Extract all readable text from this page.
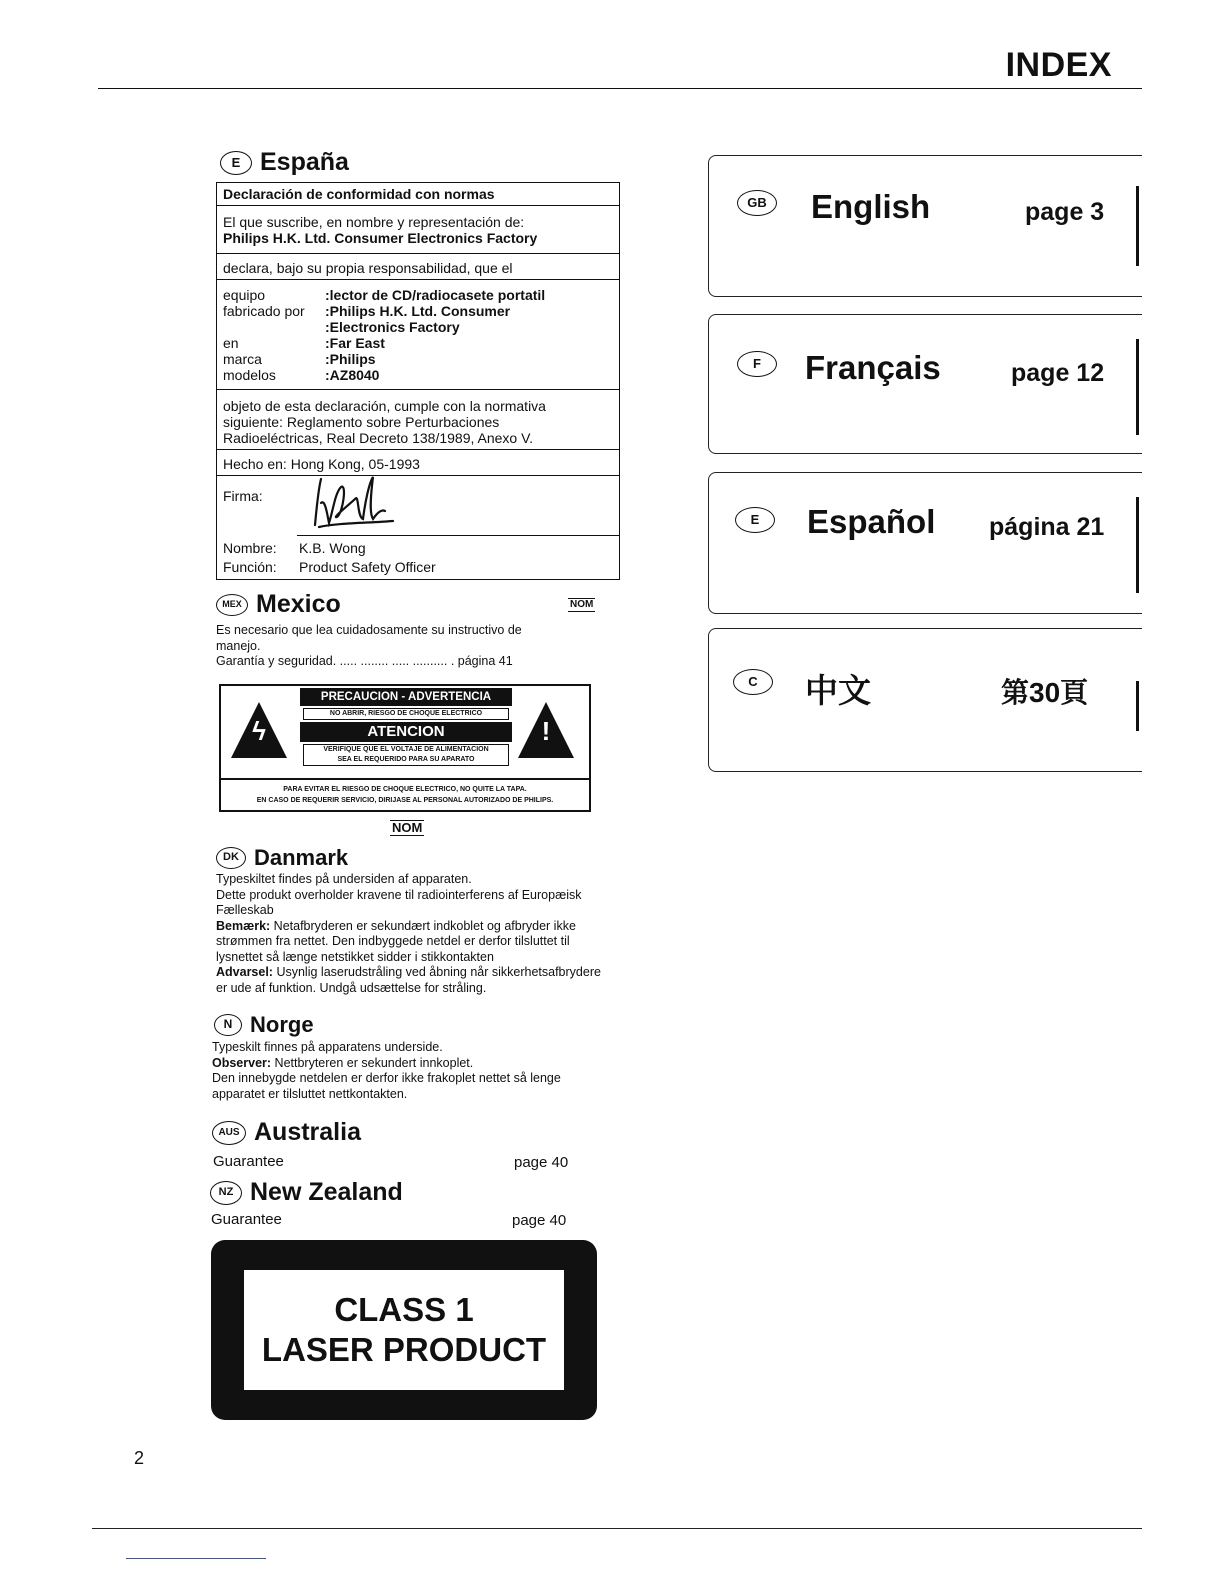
INDEX
E España
Declaración de conformidad con normas
El que suscribe, en nombre y representación de:
Philips H.K. Ltd. Consumer Electronics Factory
declara, bajo su propia responsabilidad, que el
equipo	:lector de CD/radiocasete portatil
fabricado por	:Philips H.K. Ltd. Consumer
:Electronics Factory
en	:Far East
marca	:Philips
modelos	:AZ8040
objeto de esta declaración, cumple con la normativa
siguiente: Reglamento sobre Perturbaciones
Radioeléctricas, Real Decreto 138/1989, Anexo V.
Hecho en: Hong Kong, 05-1993
Firma:
Nombre:	K.B. Wong
Función:	Product Safety Officer
MEX Mexico	NOM
Es necesario que lea cuidadosamente su instructivo de
manejo.
Garantía y seguridad. ..... ........ ..... .......... . página 41
ϟ
PRECAUCION - ADVERTENCIA
NO ABRIR, RIESGO DE CHOQUE ELECTRICO
ATENCION
VERIFIQUE QUE EL VOLTAJE DE ALIMENTACION
SEA EL REQUERIDO PARA SU APARATO
!
PARA EVITAR EL RIESGO DE CHOQUE ELECTRICO, NO QUITE LA TAPA.
EN CASO DE REQUERIR SERVICIO, DIRIJASE AL PERSONAL AUTORIZADO DE PHILIPS.
NOM
DK Danmark
Typeskiltet findes på undersiden af apparaten.
Dette produkt overholder kravene til radiointerferens af Europæisk
Fælleskab
Bemærk: Netafbryderen er sekundært indkoblet og afbryder ikke
strømmen fra nettet. Den indbyggede netdel er derfor tilsluttet til
lysnettet så længe netstikket sidder i stikkontakten
Advarsel: Usynlig laserudstråling ved åbning når sikkerhetsafbrydere
er ude af funktion. Undgå udsættelse for stråling.
N Norge
Typeskilt finnes på apparatens underside.
Observer: Nettbryteren er sekundert innkoplet.
Den innebygde netdelen er derfor ikke frakoplet nettet så lenge
apparatet er tilsluttet nettkontakten.
AUS Australia
Guarantee	page 40
NZ New Zealand
Guarantee	page 40
CLASS 1
LASER PRODUCT
GB	English	page 3
F	Français	page 12
E	Español página 21
C	中文	第30頁
2
